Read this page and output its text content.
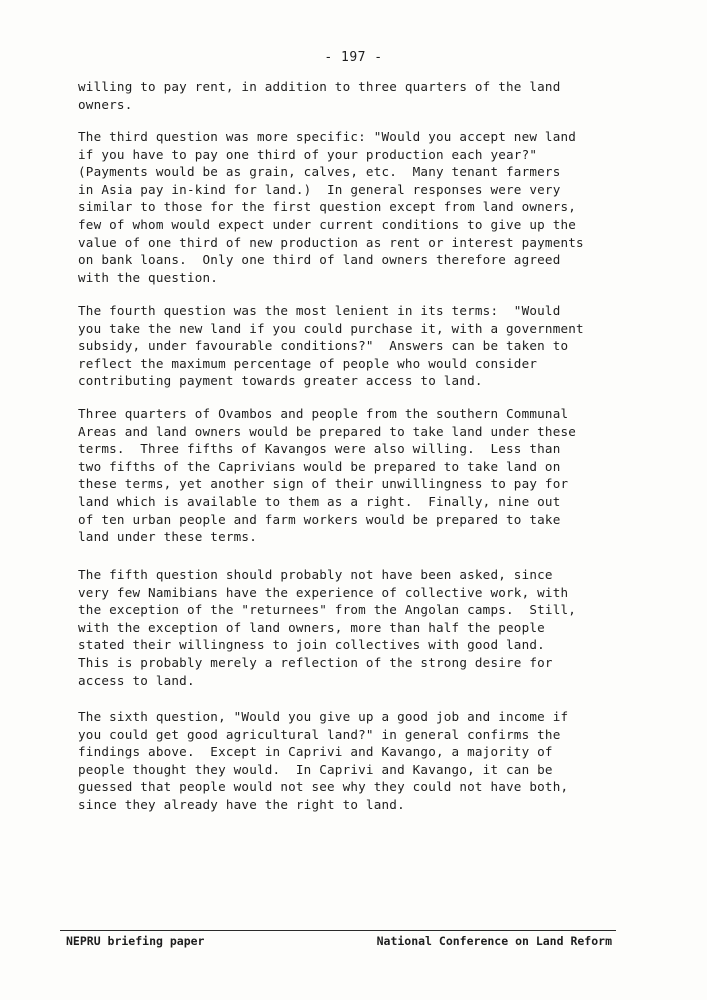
- 197 -

willing to pay rent, in addition to three quarters of the land
owners.

The third question was more specific: "Would you accept new land
if you have to pay one third of your production each year?"
(Payments would be as grain, calves, etc.  Many tenant farmers
in Asia pay in-kind for land.)  In general responses were very
similar to those for the first question except from land owners,
few of whom would expect under current conditions to give up the
value of one third of new production as rent or interest payments
on bank loans.  Only one third of land owners therefore agreed
with the question.

The fourth question was the most lenient in its terms:  "Would
you take the new land if you could purchase it, with a government
subsidy, under favourable conditions?"  Answers can be taken to
reflect the maximum percentage of people who would consider
contributing payment towards greater access to land.

Three quarters of Ovambos and people from the southern Communal
Areas and land owners would be prepared to take land under these
terms.  Three fifths of Kavangos were also willing.  Less than
two fifths of the Caprivians would be prepared to take land on
these terms, yet another sign of their unwillingness to pay for
land which is available to them as a right.  Finally, nine out
of ten urban people and farm workers would be prepared to take
land under these terms.

The fifth question should probably not have been asked, since
very few Namibians have the experience of collective work, with
the exception of the "returnees" from the Angolan camps.  Still,
with the exception of land owners, more than half the people
stated their willingness to join collectives with good land.
This is probably merely a reflection of the strong desire for
access to land.

The sixth question, "Would you give up a good job and income if
you could get good agricultural land?" in general confirms the
findings above.  Except in Caprivi and Kavango, a majority of
people thought they would.  In Caprivi and Kavango, it can be
guessed that people would not see why they could not have both,
since they already have the right to land.

NEPRU briefing paper	National Conference on Land Reform
